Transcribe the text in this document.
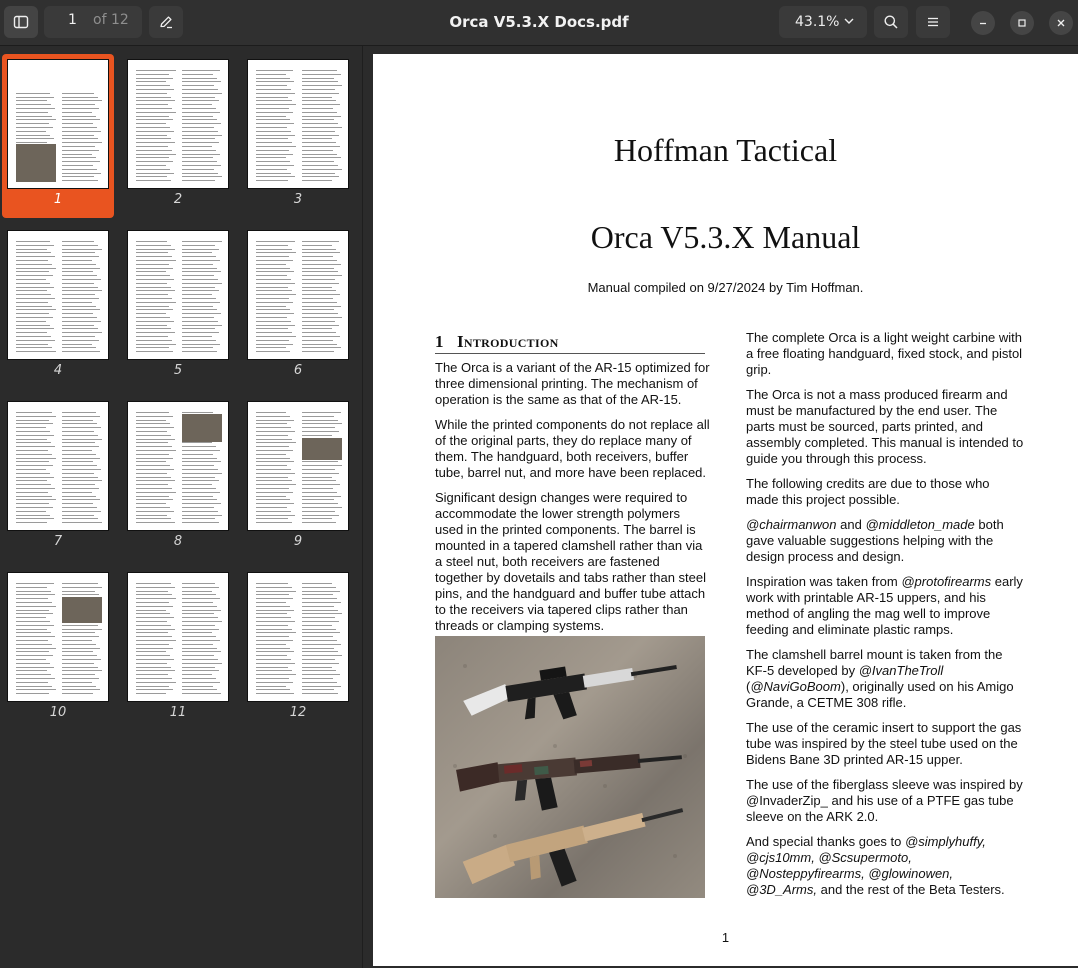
1 of 12	Orca V5.3.X Docs.pdf	43.1%
1	2	3
4	5	6
7	8	9
10	11	12
Hoffman Tactical
Orca V5.3.X Manual
Manual compiled on 9/27/2024 by Tim Hoffman.
1 Introduction

The Orca is a variant of the AR-15 optimized for three dimensional printing. The mechanism of operation is the same as that of the AR-15.

While the printed components do not replace all of the original parts, they do replace many of them. The handguard, both receivers, buffer tube, barrel nut, and more have been replaced.

Significant design changes were required to accommodate the lower strength polymers used in the printed components. The barrel is mounted in a tapered clamshell rather than via a steel nut, both receivers are fastened together by dovetails and tabs rather than steel pins, and the handguard and buffer tube attach to the receivers via tapered clips rather than threads or clamping systems.

The complete Orca is a light weight carbine with a free floating handguard, fixed stock, and pistol grip.

The Orca is not a mass produced firearm and must be manufactured by the end user. The parts must be sourced, parts printed, and assembly completed. This manual is intended to guide you through this process.

The following credits are due to those who made this project possible.

@chairmanwon and @middleton_made both gave valuable suggestions helping with the design process and design.

Inspiration was taken from @protofirearms early work with printable AR-15 uppers, and his method of angling the mag well to improve feeding and eliminate plastic ramps.

The clamshell barrel mount is taken from the KF-5 developed by @IvanTheTroll (@NaviGoBoom), originally used on his Amigo Grande, a CETME 308 rifle.

The use of the ceramic insert to support the gas tube was inspired by the steel tube used on the Bidens Bane 3D printed AR-15 upper.

The use of the fiberglass sleeve was inspired by @InvaderZip_ and his use of a PTFE gas tube sleeve on the ARK 2.0.

And special thanks goes to @simplyhuffy, @cjs10mm, @Scsupermoto, @Nosteppyfirearms, @glowinowen, @3D_Arms, and the rest of the Beta Testers.

1
